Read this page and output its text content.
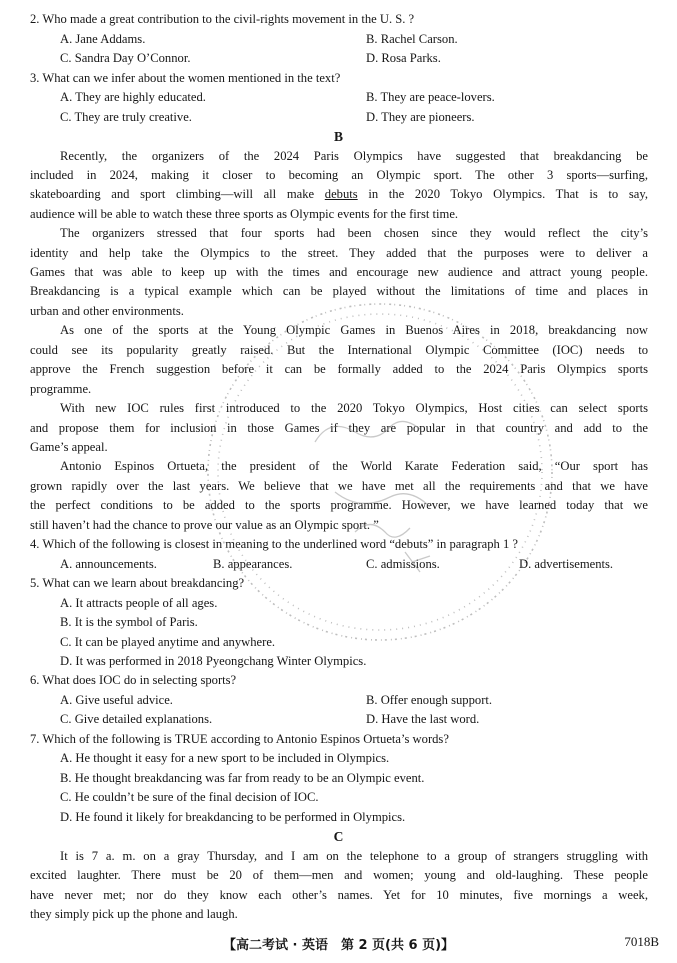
2. Who made a great contribution to the civil-rights movement in the U. S. ?
A. Jane Addams.	B. Rachel Carson.
C. Sandra Day O’Connor.	D. Rosa Parks.
3. What can we infer about the women mentioned in the text?
A. They are highly educated.	B. They are peace-lovers.
C. They are truly creative.	D. They are pioneers.
B
Recently, the organizers of the 2024 Paris Olympics have suggested that breakdancing be
included in 2024, making it closer to becoming an Olympic sport. The other 3 sports—surfing,
skateboarding and sport climbing—will all make debuts in the 2020 Tokyo Olympics. That is to say,
audience will be able to watch these three sports as Olympic events for the first time.
The organizers stressed that four sports had been chosen since they would reflect the city’s
identity and help take the Olympics to the street. They added that the purposes were to deliver a
Games that was able to keep up with the times and encourage new audience and attract young people.
Breakdancing is a typical example which can be played without the limitations of time and places in
urban and other environments.
As one of the sports at the Young Olympic Games in Buenos Aires in 2018, breakdancing now
could see its popularity greatly raised. But the International Olympic Committee (IOC) needs to
approve the French suggestion before it can be formally added to the 2024 Paris Olympics sports
programme.
With new IOC rules first introduced to the 2020 Tokyo Olympics, Host cities can select sports
and propose them for inclusion in those Games if they are popular in that country and add to the
Game’s appeal.
Antonio Espinos Ortueta, the president of the World Karate Federation said, “Our sport has
grown rapidly over the last years. We believe that we have met all the requirements and that we have
the perfect conditions to be added to the sports programme. However, we have learned today that we
still haven’t had the chance to prove our value as an Olympic sport. ”
4. Which of the following is closest in meaning to the underlined word “debuts” in paragraph 1 ?
A. announcements.	B. appearances.	C. admissions.	D. advertisements.
5. What can we learn about breakdancing?
A. It attracts people of all ages.
B. It is the symbol of Paris.
C. It can be played anytime and anywhere.
D. It was performed in 2018 Pyeongchang Winter Olympics.
6. What does IOC do in selecting sports?
A. Give useful advice.	B. Offer enough support.
C. Give detailed explanations.	D. Have the last word.
7. Which of the following is TRUE according to Antonio Espinos Ortueta’s words?
A. He thought it easy for a new sport to be included in Olympics.
B. He thought breakdancing was far from ready to be an Olympic event.
C. He couldn’t be sure of the final decision of IOC.
D. He found it likely for breakdancing to be performed in Olympics.
C
It is 7 a. m. on a gray Thursday, and I am on the telephone to a group of strangers struggling with
excited laughter. There must be 20 of them—men and women; young and old-laughing. These people
have never met; nor do they know each other’s names. Yet for 10 minutes, five mornings a week,
they simply pick up the phone and laugh.
【高二考试 · 英语　第 2 页(共 6 页)】	7018B
